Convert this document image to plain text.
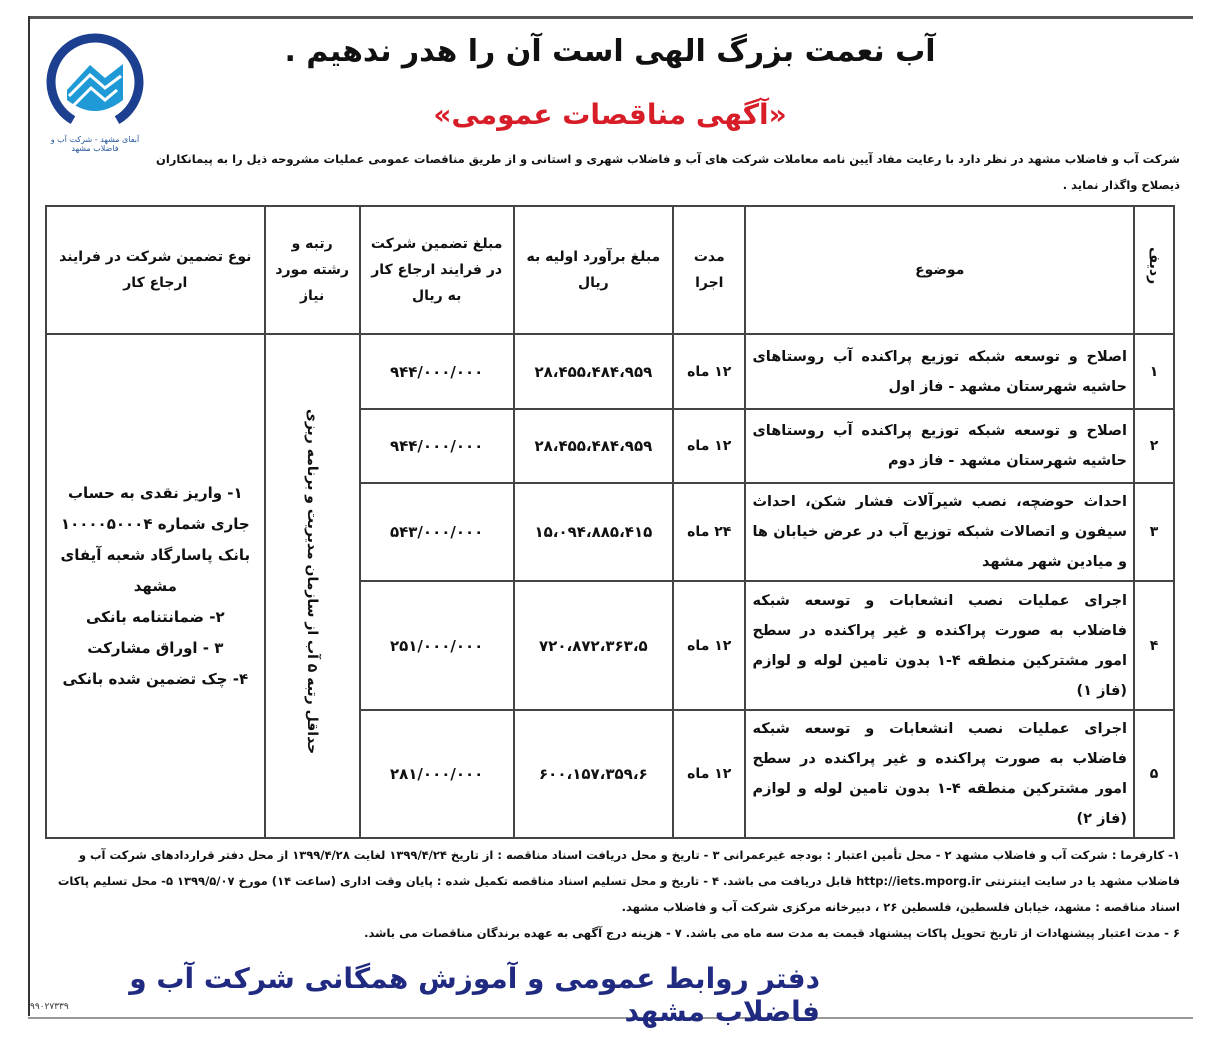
آبفای مشهد - شرکت آب و فاضلاب مشهد
آب نعمت بزرگ الهی است آن را هدر ندهیم .
«آگهی مناقصات عمومی»
شرکت آب و فاضلاب مشهد در نظر دارد با رعایت مفاد آیین نامه معاملات شرکت های آب و فاضلاب شهری و استانی و از طریق مناقصات عمومی عملیات مشروحه ذیل را به پیمانکاران ذیصلاح واگذار نماید .
ردیف	موضوع	مدت اجرا	مبلغ برآورد اولیه به ریال	مبلغ تضمین شرکت در فرایند ارجاع کار به ریال	رتبه و رشته مورد نیاز	نوع تضمین شرکت در فرایند ارجاع کار
۱	اصلاح و توسعه شبکه توزیع پراکنده آب روستاهای حاشیه شهرستان مشهد - فاز اول	۱۲ ماه	۲۸،۴۵۵،۴۸۴،۹۵۹	۹۴۴/۰۰۰/۰۰۰	حداقل رتبه ۵ آب از سازمان مدیریت و برنامه ریزی	۱- واریز نقدی به حساب جاری شماره ۱۰۰۰۰۵۰۰۰۴ بانک پاسارگاد شعبه آیفای مشهد
۲- ضمانتنامه بانکی
۳ - اوراق مشارکت
۴- چک تضمین شده بانکی

۲	اصلاح و توسعه شبکه توزیع پراکنده آب روستاهای حاشیه شهرستان مشهد - فاز دوم	۱۲ ماه	۲۸،۴۵۵،۴۸۴،۹۵۹	۹۴۴/۰۰۰/۰۰۰		
۳	احداث حوضچه، نصب شیرآلات فشار شکن، احداث سیفون و اتصالات شبکه توزیع آب در عرض خیابان ها و میادین شهر مشهد	۲۴ ماه	۱۵،۰۹۴،۸۸۵،۴۱۵	۵۴۳/۰۰۰/۰۰۰		
۴	اجرای عملیات نصب انشعابات و توسعه شبکه فاضلاب به صورت پراکنده و غیر پراکنده در سطح امور مشترکین منطقه ۴-۱ بدون تامین لوله و لوازم (فاز ۱)	۱۲ ماه	۷۲۰،۸۷۲،۳۶۳،۵	۲۵۱/۰۰۰/۰۰۰		
۵	اجرای عملیات نصب انشعابات و توسعه شبکه فاضلاب به صورت پراکنده و غیر پراکنده در سطح امور مشترکین منطقه ۴-۱ بدون تامین لوله و لوازم (فاز ۲)	۱۲ ماه	۶۰۰،۱۵۷،۳۵۹،۶	۲۸۱/۰۰۰/۰۰۰		
۱- کارفرما : شرکت آب و فاضلاب مشهد ۲ - محل تأمین اعتبار : بودجه غیرعمرانی ۳ - تاریخ و محل دریافت اسناد مناقصه : از تاریخ ۱۳۹۹/۴/۲۴ لغایت ۱۳۹۹/۴/۲۸ از محل دفتر قراردادهای شرکت آب و فاضلاب مشهد یا در سایت اینترنتی http://iets.mporg.ir قابل دریافت می باشد. ۴ - تاریخ و محل تسلیم اسناد مناقصه تکمیل شده : پایان وقت اداری (ساعت ۱۴) مورخ ۱۳۹۹/۵/۰۷ ۵- محل تسلیم پاکات اسناد مناقصه : مشهد، خیابان فلسطین، فلسطین ۲۶ ، دبیرخانه مرکزی شرکت آب و فاضلاب مشهد.
۶ - مدت اعتبار پیشنهادات از تاریخ تحویل پاکات پیشنهاد قیمت به مدت سه ماه می باشد. ۷ - هزینه درج آگهی به عهده برندگان مناقصات می باشد.
دفتر روابط عمومی و آموزش همگانی شرکت آب و فاضلاب مشهد
۹۹۰۲۷۳۳۹
